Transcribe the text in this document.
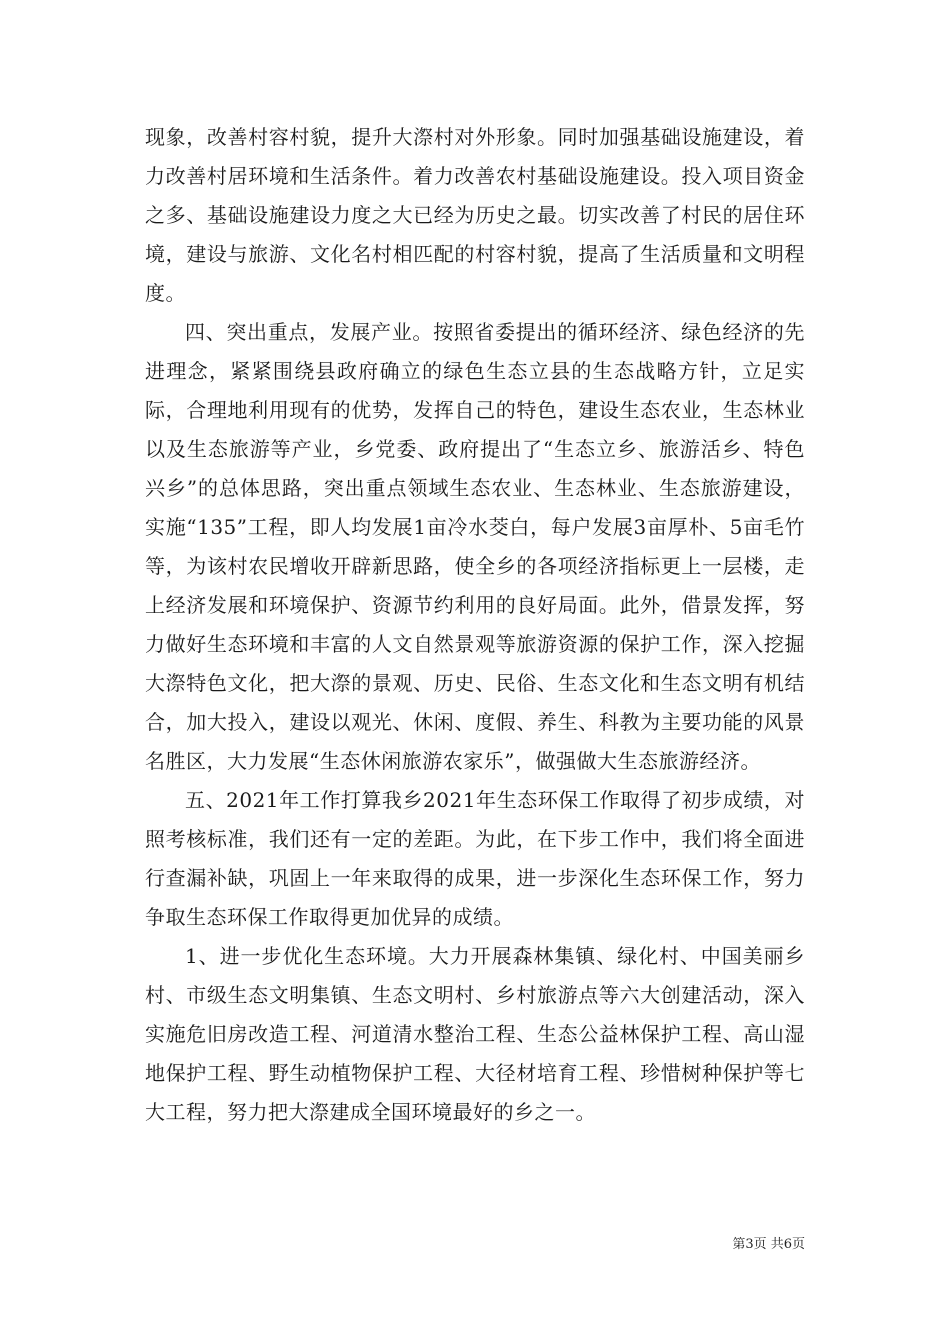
现象，改善村容村貌，提升大漈村对外形象。同时加强基础设施建设，着力改善村居环境和生活条件。着力改善农村基础设施建设。投入项目资金之多、基础设施建设力度之大已经为历史之最。切实改善了村民的居住环境，建设与旅游、文化名村相匹配的村容村貌，提高了生活质量和文明程度。

四、突出重点，发展产业。按照省委提出的循环经济、绿色经济的先进理念，紧紧围绕县政府确立的绿色生态立县的生态战略方针，立足实际，合理地利用现有的优势，发挥自己的特色，建设生态农业，生态林业以及生态旅游等产业，乡党委、政府提出了“生态立乡、旅游活乡、特色兴乡”的总体思路，突出重点领域生态农业、生态林业、生态旅游建设，实施“135”工程，即人均发展1亩冷水茭白，每户发展3亩厚朴、5亩毛竹等，为该村农民增收开辟新思路，使全乡的各项经济指标更上一层楼，走上经济发展和环境保护、资源节约利用的良好局面。此外，借景发挥，努力做好生态环境和丰富的人文自然景观等旅游资源的保护工作，深入挖掘大漈特色文化，把大漈的景观、历史、民俗、生态文化和生态文明有机结合，加大投入，建设以观光、休闲、度假、养生、科教为主要功能的风景名胜区，大力发展“生态休闲旅游农家乐”，做强做大生态旅游经济。

五、2021年工作打算我乡2021年生态环保工作取得了初步成绩，对照考核标准，我们还有一定的差距。为此，在下步工作中，我们将全面进行查漏补缺，巩固上一年来取得的成果，进一步深化生态环保工作，努力争取生态环保工作取得更加优异的成绩。

1、进一步优化生态环境。大力开展森林集镇、绿化村、中国美丽乡村、市级生态文明集镇、生态文明村、乡村旅游点等六大创建活动，深入实施危旧房改造工程、河道清水整治工程、生态公益林保护工程、高山湿地保护工程、野生动植物保护工程、大径材培育工程、珍惜树种保护等七大工程，努力把大漈建成全国环境最好的乡之一。

第3页 共6页
